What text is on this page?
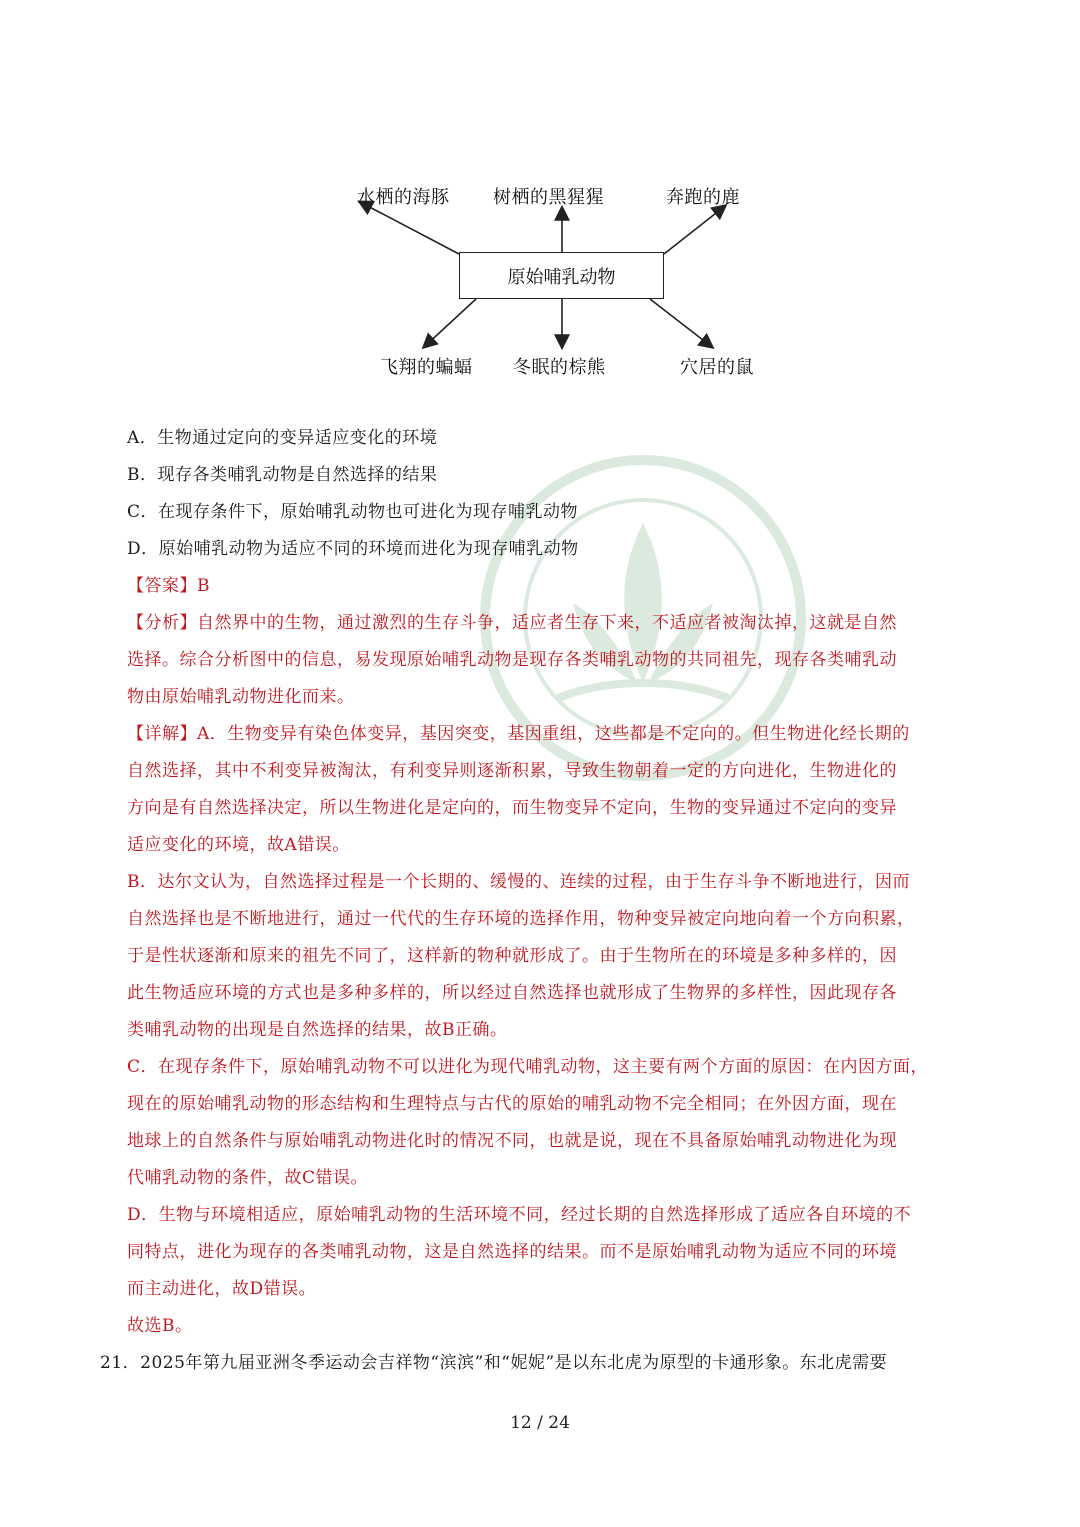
水栖的海豚 树栖的黑猩猩	奔跑的鹿
原始哺乳动物
飞翔的蝙蝠 冬眠的棕熊	穴居的鼠
A．生物通过定向的变异适应变化的环境
B．现存各类哺乳动物是自然选择的结果
C．在现存条件下，原始哺乳动物也可进化为现存哺乳动物
D．原始哺乳动物为适应不同的环境而进化为现存哺乳动物
【答案】B
【分析】自然界中的生物，通过激烈的生存斗争，适应者生存下来，不适应者被淘汰掉，这就是自然
选择。综合分析图中的信息，易发现原始哺乳动物是现存各类哺乳动物的共同祖先，现存各类哺乳动
物由原始哺乳动物进化而来。
【详解】A．生物变异有染色体变异，基因突变，基因重组，这些都是不定向的。但生物进化经长期的
自然选择，其中不利变异被淘汰，有利变异则逐渐积累，导致生物朝着一定的方向进化，生物进化的
方向是有自然选择决定，所以生物进化是定向的，而生物变异不定向，生物的变异通过不定向的变异
适应变化的环境，故A错误。
B．达尔文认为，自然选择过程是一个长期的、缓慢的、连续的过程，由于生存斗争不断地进行，因而
自然选择也是不断地进行，通过一代代的生存环境的选择作用，物种变异被定向地向着一个方向积累，
于是性状逐渐和原来的祖先不同了，这样新的物种就形成了。由于生物所在的环境是多种多样的，因
此生物适应环境的方式也是多种多样的，所以经过自然选择也就形成了生物界的多样性，因此现存各
类哺乳动物的出现是自然选择的结果，故B正确。
C．在现存条件下，原始哺乳动物不可以进化为现代哺乳动物，这主要有两个方面的原因：在内因方面，
现在的原始哺乳动物的形态结构和生理特点与古代的原始的哺乳动物不完全相同；在外因方面，现在
地球上的自然条件与原始哺乳动物进化时的情况不同，也就是说，现在不具备原始哺乳动物进化为现
代哺乳动物的条件，故C错误。
D．生物与环境相适应，原始哺乳动物的生活环境不同，经过长期的自然选择形成了适应各自环境的不
同特点，进化为现存的各类哺乳动物，这是自然选择的结果。而不是原始哺乳动物为适应不同的环境
而主动进化，故D错误。
故选B。
21．2025年第九届亚洲冬季运动会吉祥物“滨滨”和“妮妮”是以东北虎为原型的卡通形象。东北虎需要
12 / 24
